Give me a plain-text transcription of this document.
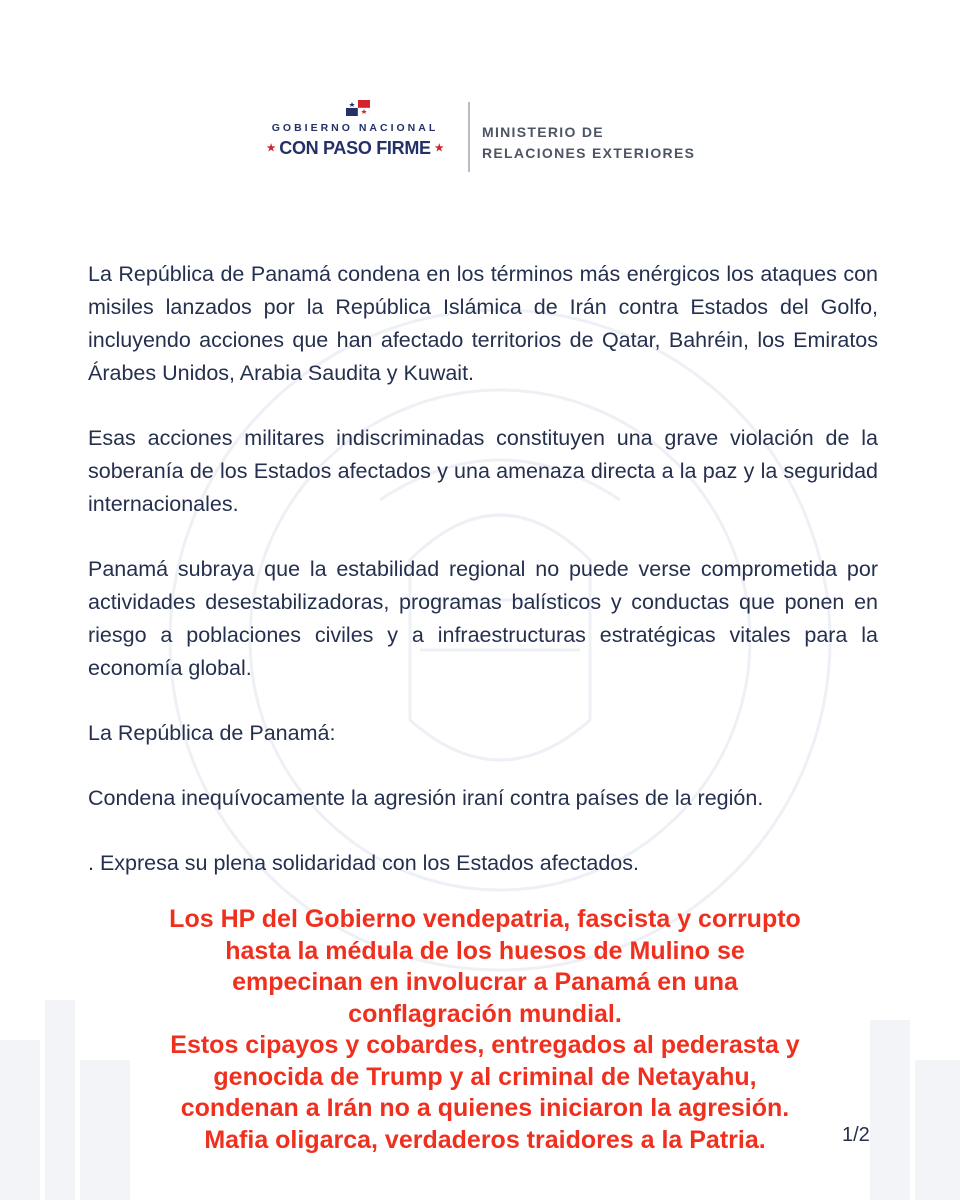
GOBIERNO NACIONAL
★ CON PASO FIRME ★
MINISTERIO DE
RELACIONES EXTERIORES

La República de Panamá condena en los términos más enérgicos los ataques con misiles lanzados por la República Islámica de Irán contra Estados del Golfo, incluyendo acciones que han afectado territorios de Qatar, Bahréin, los Emiratos Árabes Unidos, Arabia Saudita y Kuwait.

Esas acciones militares indiscriminadas constituyen una grave violación de la soberanía de los Estados afectados y una amenaza directa a la paz y la seguridad internacionales.

Panamá subraya que la estabilidad regional no puede verse comprometida por actividades desestabilizadoras, programas balísticos y conductas que ponen en riesgo a poblaciones civiles y a infraestructuras estratégicas vitales para la economía global.

La República de Panamá:

Condena inequívocamente la agresión iraní contra países de la región.

. Expresa su plena solidaridad con los Estados afectados.

Los HP del Gobierno vendepatria, fascista y corrupto
hasta la médula de los huesos de Mulino se
empecinan en involucrar a Panamá en una
conflagración mundial.
Estos cipayos y cobardes, entregados al pederasta y
genocida de Trump y al criminal de Netayahu,
condenan a Irán no a quienes iniciaron la agresión.
Mafia oligarca, verdaderos traidores a la Patria.	1/2
